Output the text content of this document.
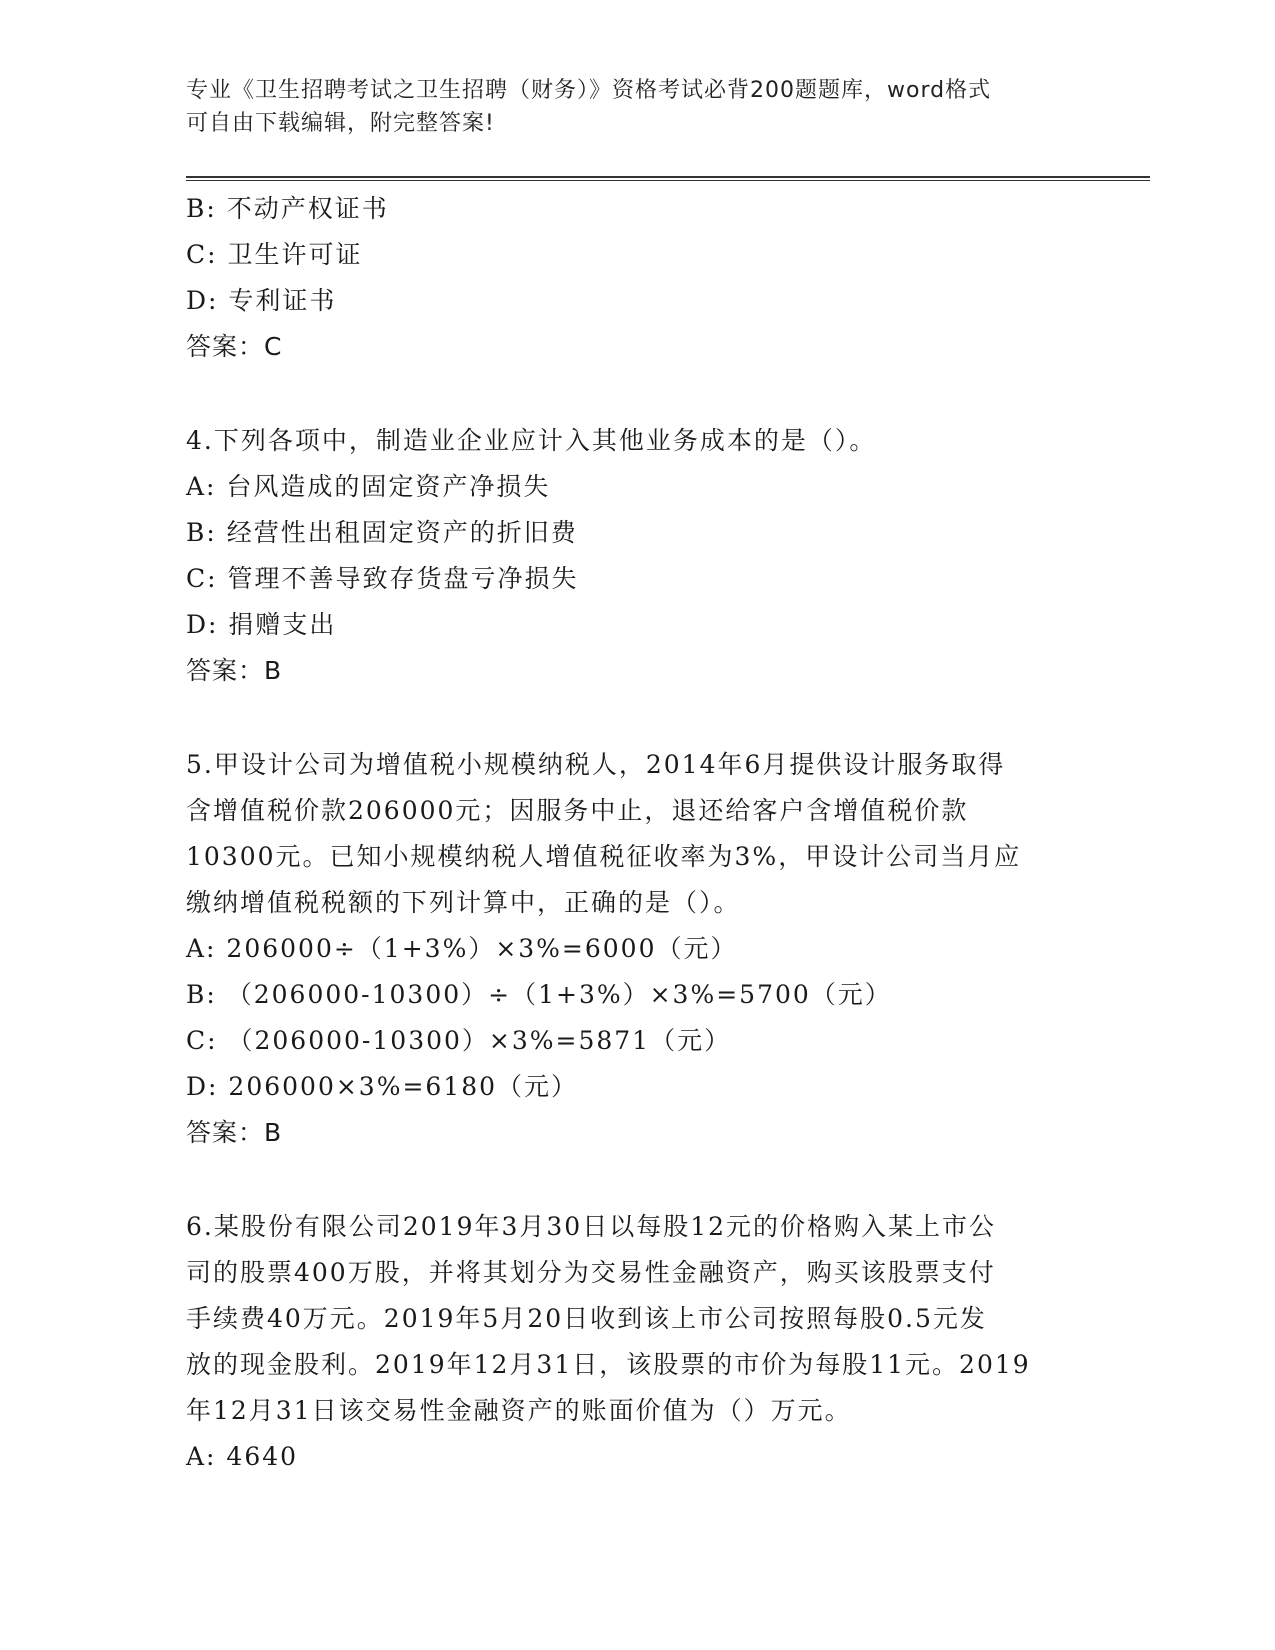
专业《卫生招聘考试之卫生招聘（财务）》资格考试必背200题题库，word格式
可自由下载编辑，附完整答案!
B: 不动产权证书
C: 卫生许可证
D: 专利证书
答案：C
4.下列各项中，制造业企业应计入其他业务成本的是（）。
A: 台风造成的固定资产净损失
B: 经营性出租固定资产的折旧费
C: 管理不善导致存货盘亏净损失
D: 捐赠支出
答案：B
5.甲设计公司为增值税小规模纳税人，2014年6月提供设计服务取得
含增值税价款206000元；因服务中止，退还给客户含增值税价款
10300元。已知小规模纳税人增值税征收率为3%，甲设计公司当月应
缴纳增值税税额的下列计算中，正确的是（）。
A: 206000÷（1+3%）×3%=6000（元）
B: （206000-10300）÷（1+3%）×3%=5700（元）
C: （206000-10300）×3%=5871（元）
D: 206000×3%=6180（元）
答案：B
6.某股份有限公司2019年3月30日以每股12元的价格购入某上市公
司的股票400万股，并将其划分为交易性金融资产，购买该股票支付
手续费40万元。2019年5月20日收到该上市公司按照每股0.5元发
放的现金股利。2019年12月31日，该股票的市价为每股11元。2019
年12月31日该交易性金融资产的账面价值为（）万元。
A: 4640
